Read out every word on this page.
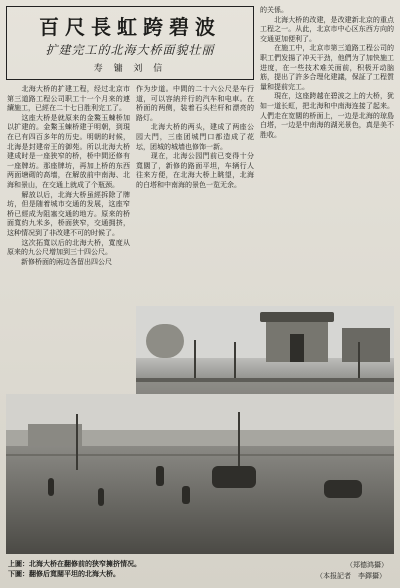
百尺長虹跨碧波
扩建完工的北海大桥面貌壮丽
寿 镛 刘 信
　　北海大桥的扩建工程，经过北京市第三道路工程公司职工十一个月来的連續施工，已經在二十七日胜利完工了。
　　这座大桥是就原来的金鰲玉蝀桥加以扩建的。金鰲玉蝀桥建于明朝，到現在已有四百多年的历史。明朝的时候，北海是封建帝王的御苑。所以北海大桥建成时是一座狭窄的桥，桥中間还修有一座牌坊。那座牌坊，再加上桥的东西两面塘砌的高墙，在解放前中南海、北海和景山，在交通上就成了个瓶颈。
　　解放以后，北海大桥虽經拆除了牌坊，但是随着城市交通的发展，这座窄桥已經成为阻塞交通的地方。原来的桥面寬約九米多，桥面狭窄，交通拥挤，这种情况到了非改建不可的时候了。
　　这次拓寬以后的北海大桥，寬度从原来的九公尺增加到三十四公尺。
　　新修桥面的兩边各留出四公尺
作为步道。中間的二十六公尺是车行道，可以容納并行的汽车和电車。在桥面的两侧，装着石头栏杆和漂亮的路灯。
　　北海大桥的两头，建成了两座公园大門，三座团城門口都造成了花坛，团城的城墙也修饰一新。
　　现在，北海公园門前已变得十分寬闊了，新修的路面平坦，车辆行人往来方便，在北海大桥上眺望，北海的白塔和中南海的景色一览无余。
的关係。
　　北海大桥的改建，是改建新北京的重点工程之一。从此，北京市中心区东西方向的交通更加便利了。
　　在施工中，北京市第三道路工程公司的职工們发揚了冲天干劲，他們为了加快施工进度，在一些技术难关面前，积极开动脑筋，提出了許多合理化建議，保証了工程質量和提前完工。
　　現在，这座跨越在碧波之上的大桥，犹如一道长虹，把北海和中南海连接了起来。人們走在宽闊的桥面上，一边是北海的琼島白塔，一边是中南海的湖光景色，真是美不胜收。
上圖：北海大桥在翻修前的狭窄擁挤情况。
下圖：翻修后寬闊平坦的北海大桥。
（郑德鸿攝）
（本报記者　李鐸攝）
